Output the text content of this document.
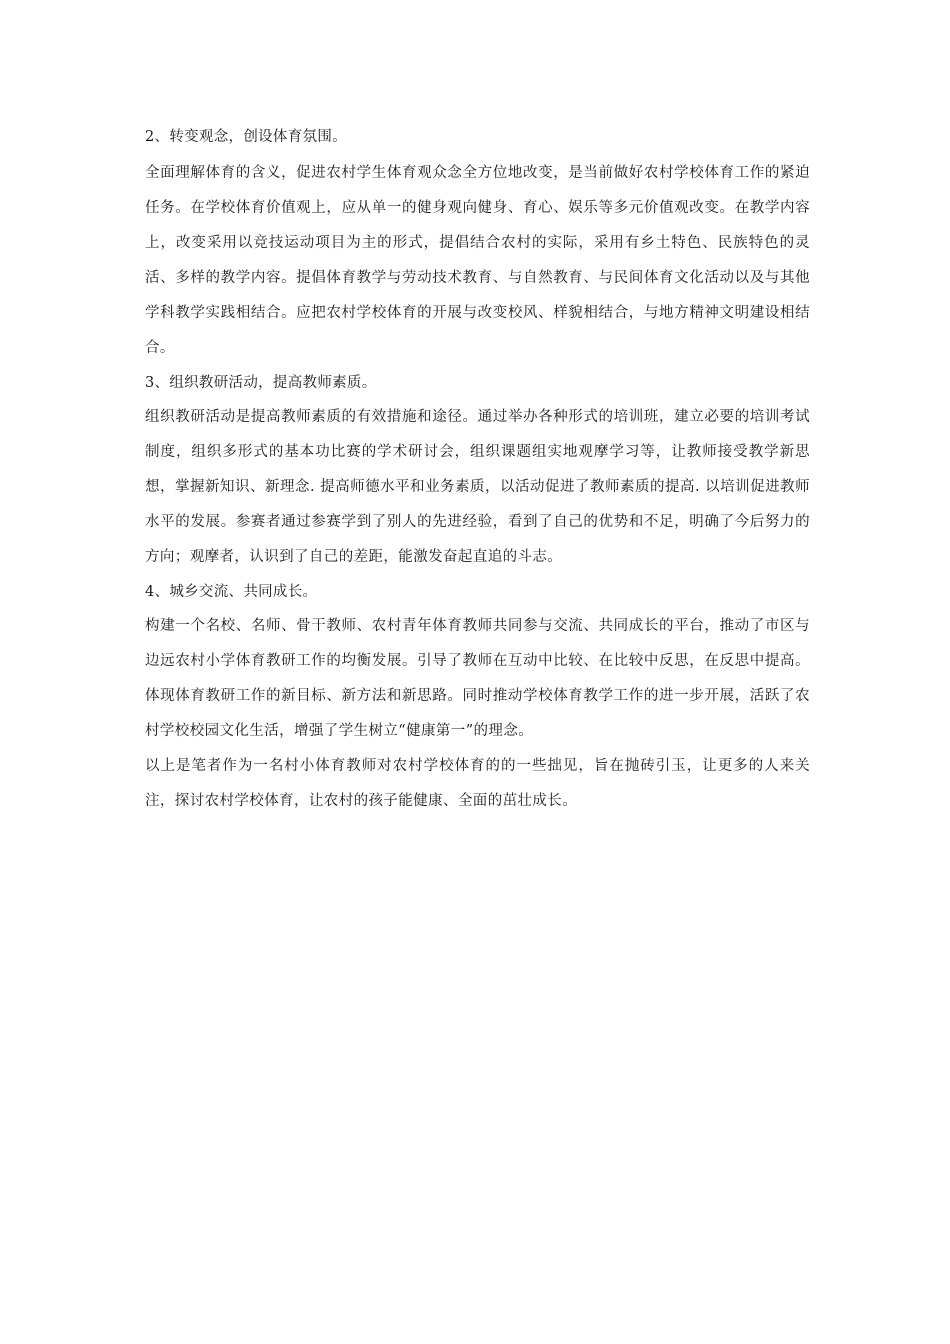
2、转变观念，创设体育氛围。

全面理解体育的含义，促进农村学生体育观众念全方位地改变，是当前做好农村学校体育工作的紧迫任务。在学校体育价值观上，应从单一的健身观向健身、育心、娱乐等多元价值观改变。在教学内容上，改变采用以竞技运动项目为主的形式，提倡结合农村的实际，采用有乡土特色、民族特色的灵活、多样的教学内容。提倡体育教学与劳动技术教育、与自然教育、与民间体育文化活动以及与其他学科教学实践相结合。应把农村学校体育的开展与改变校风、样貌相结合，与地方精神文明建设相结合。

3、组织教研活动，提高教师素质。

组织教研活动是提高教师素质的有效措施和途径。通过举办各种形式的培训班，建立必要的培训考试制度，组织多形式的基本功比赛的学术研讨会，组织课题组实地观摩学习等，让教师接受教学新思想，掌握新知识、新理念. 提高师德水平和业务素质，以活动促进了教师素质的提高. 以培训促进教师水平的发展。参赛者通过参赛学到了别人的先进经验，看到了自己的优势和不足，明确了今后努力的方向；观摩者，认识到了自己的差距，能激发奋起直追的斗志。

4、城乡交流、共同成长。

构建一个名校、名师、骨干教师、农村青年体育教师共同参与交流、共同成长的平台，推动了市区与边远农村小学体育教研工作的均衡发展。引导了教师在互动中比较、在比较中反思，在反思中提高。体现体育教研工作的新目标、新方法和新思路。同时推动学校体育教学工作的进一步开展，活跃了农村学校校园文化生活，增强了学生树立“健康第一”的理念。

以上是笔者作为一名村小体育教师对农村学校体育的的一些拙见，旨在抛砖引玉，让更多的人来关注，探讨农村学校体育，让农村的孩子能健康、全面的茁壮成长。
